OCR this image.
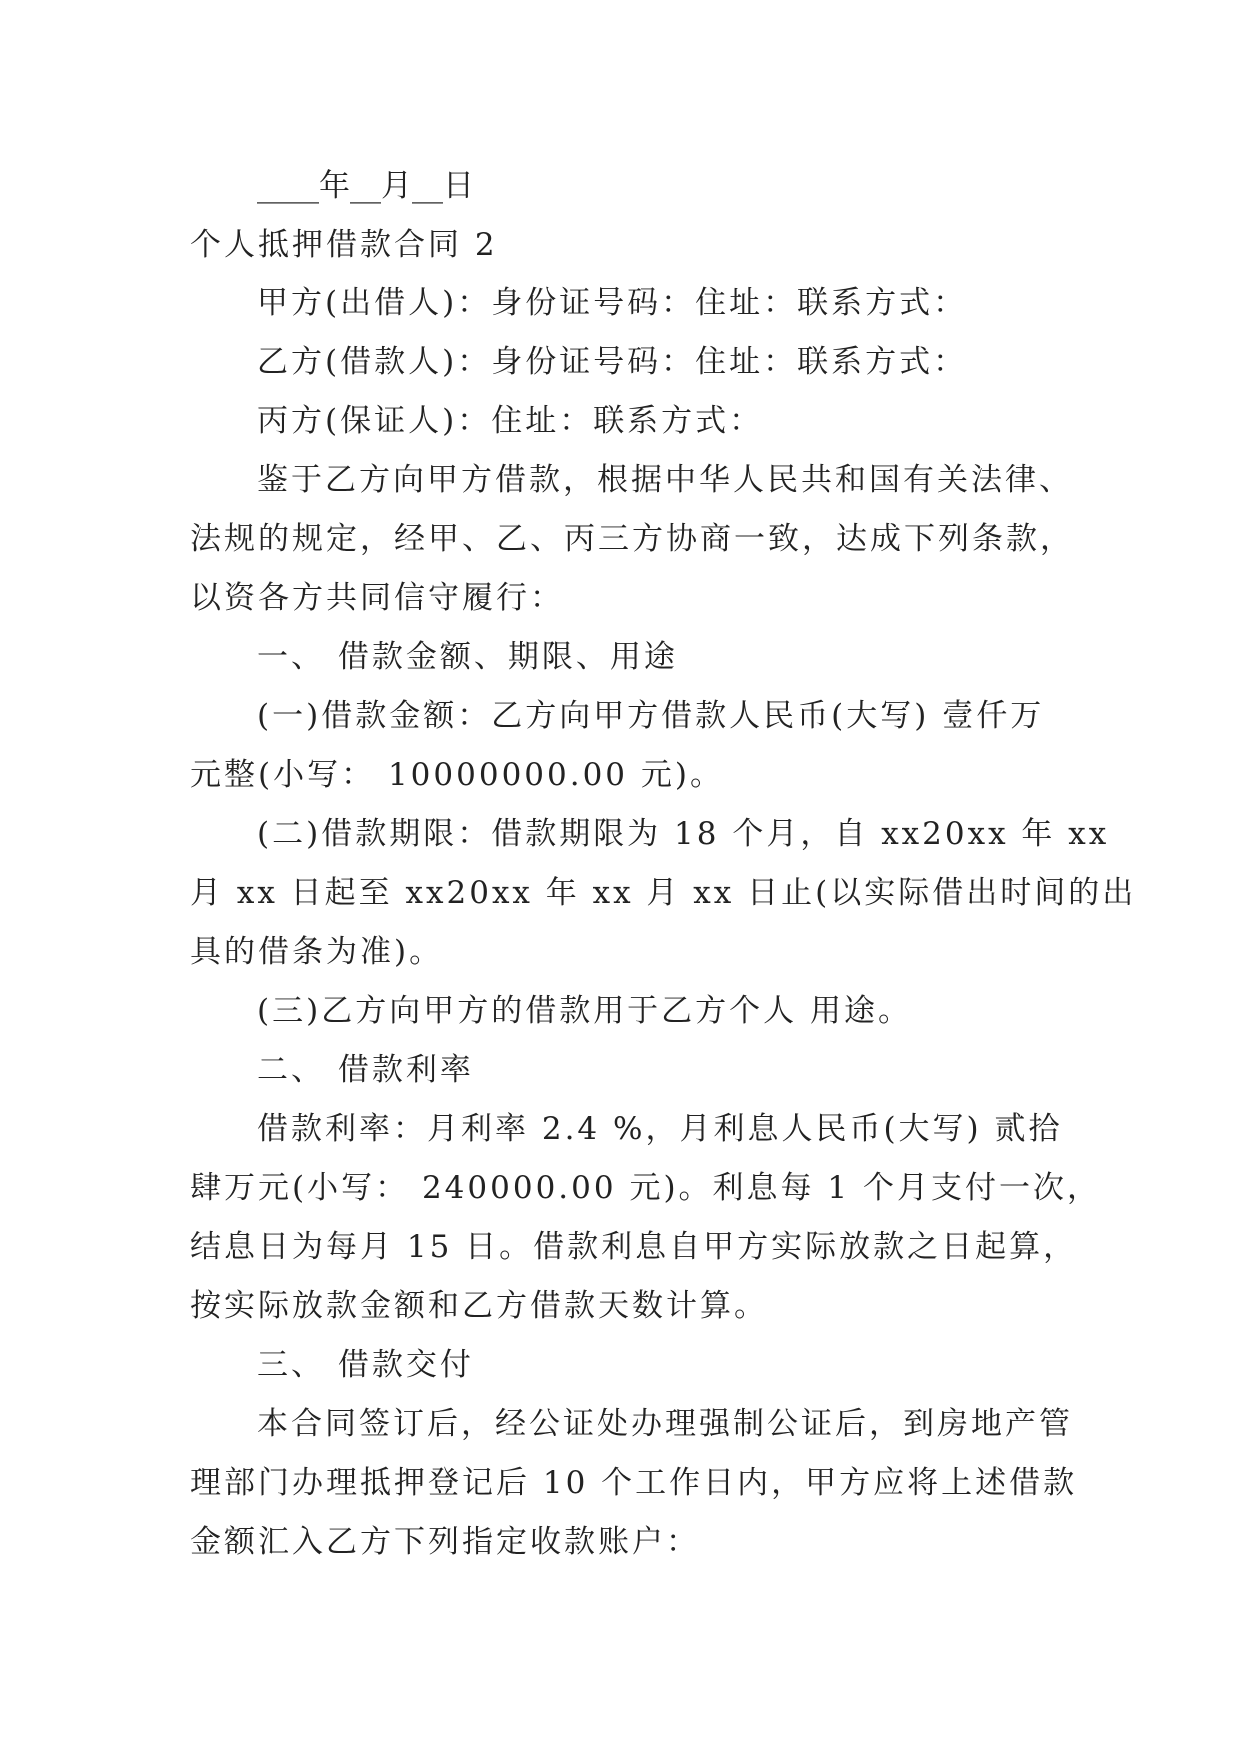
____年__月__日
个人抵押借款合同 2
甲方(出借人)：身份证号码：住址：联系方式：
乙方(借款人)：身份证号码：住址：联系方式：
丙方(保证人)：住址：联系方式：
鉴于乙方向甲方借款，根据中华人民共和国有关法律、
法规的规定，经甲、乙、丙三方协商一致，达成下列条款，
以资各方共同信守履行：
一、 借款金额、期限、用途
(一)借款金额：乙方向甲方借款人民币(大写) 壹仟万
元整(小写： 10000000.00 元)。
(二)借款期限：借款期限为 18 个月，自 xx20xx 年 xx
月 xx 日起至 xx20xx 年 xx 月 xx 日止(以实际借出时间的出
具的借条为准)。
(三)乙方向甲方的借款用于乙方个人 用途。
二、 借款利率
借款利率：月利率 2.4 %，月利息人民币(大写) 贰拾
肆万元(小写： 240000.00 元)。利息每 1 个月支付一次，
结息日为每月 15 日。借款利息自甲方实际放款之日起算，
按实际放款金额和乙方借款天数计算。
三、 借款交付
本合同签订后，经公证处办理强制公证后，到房地产管
理部门办理抵押登记后 10 个工作日内，甲方应将上述借款
金额汇入乙方下列指定收款账户：
